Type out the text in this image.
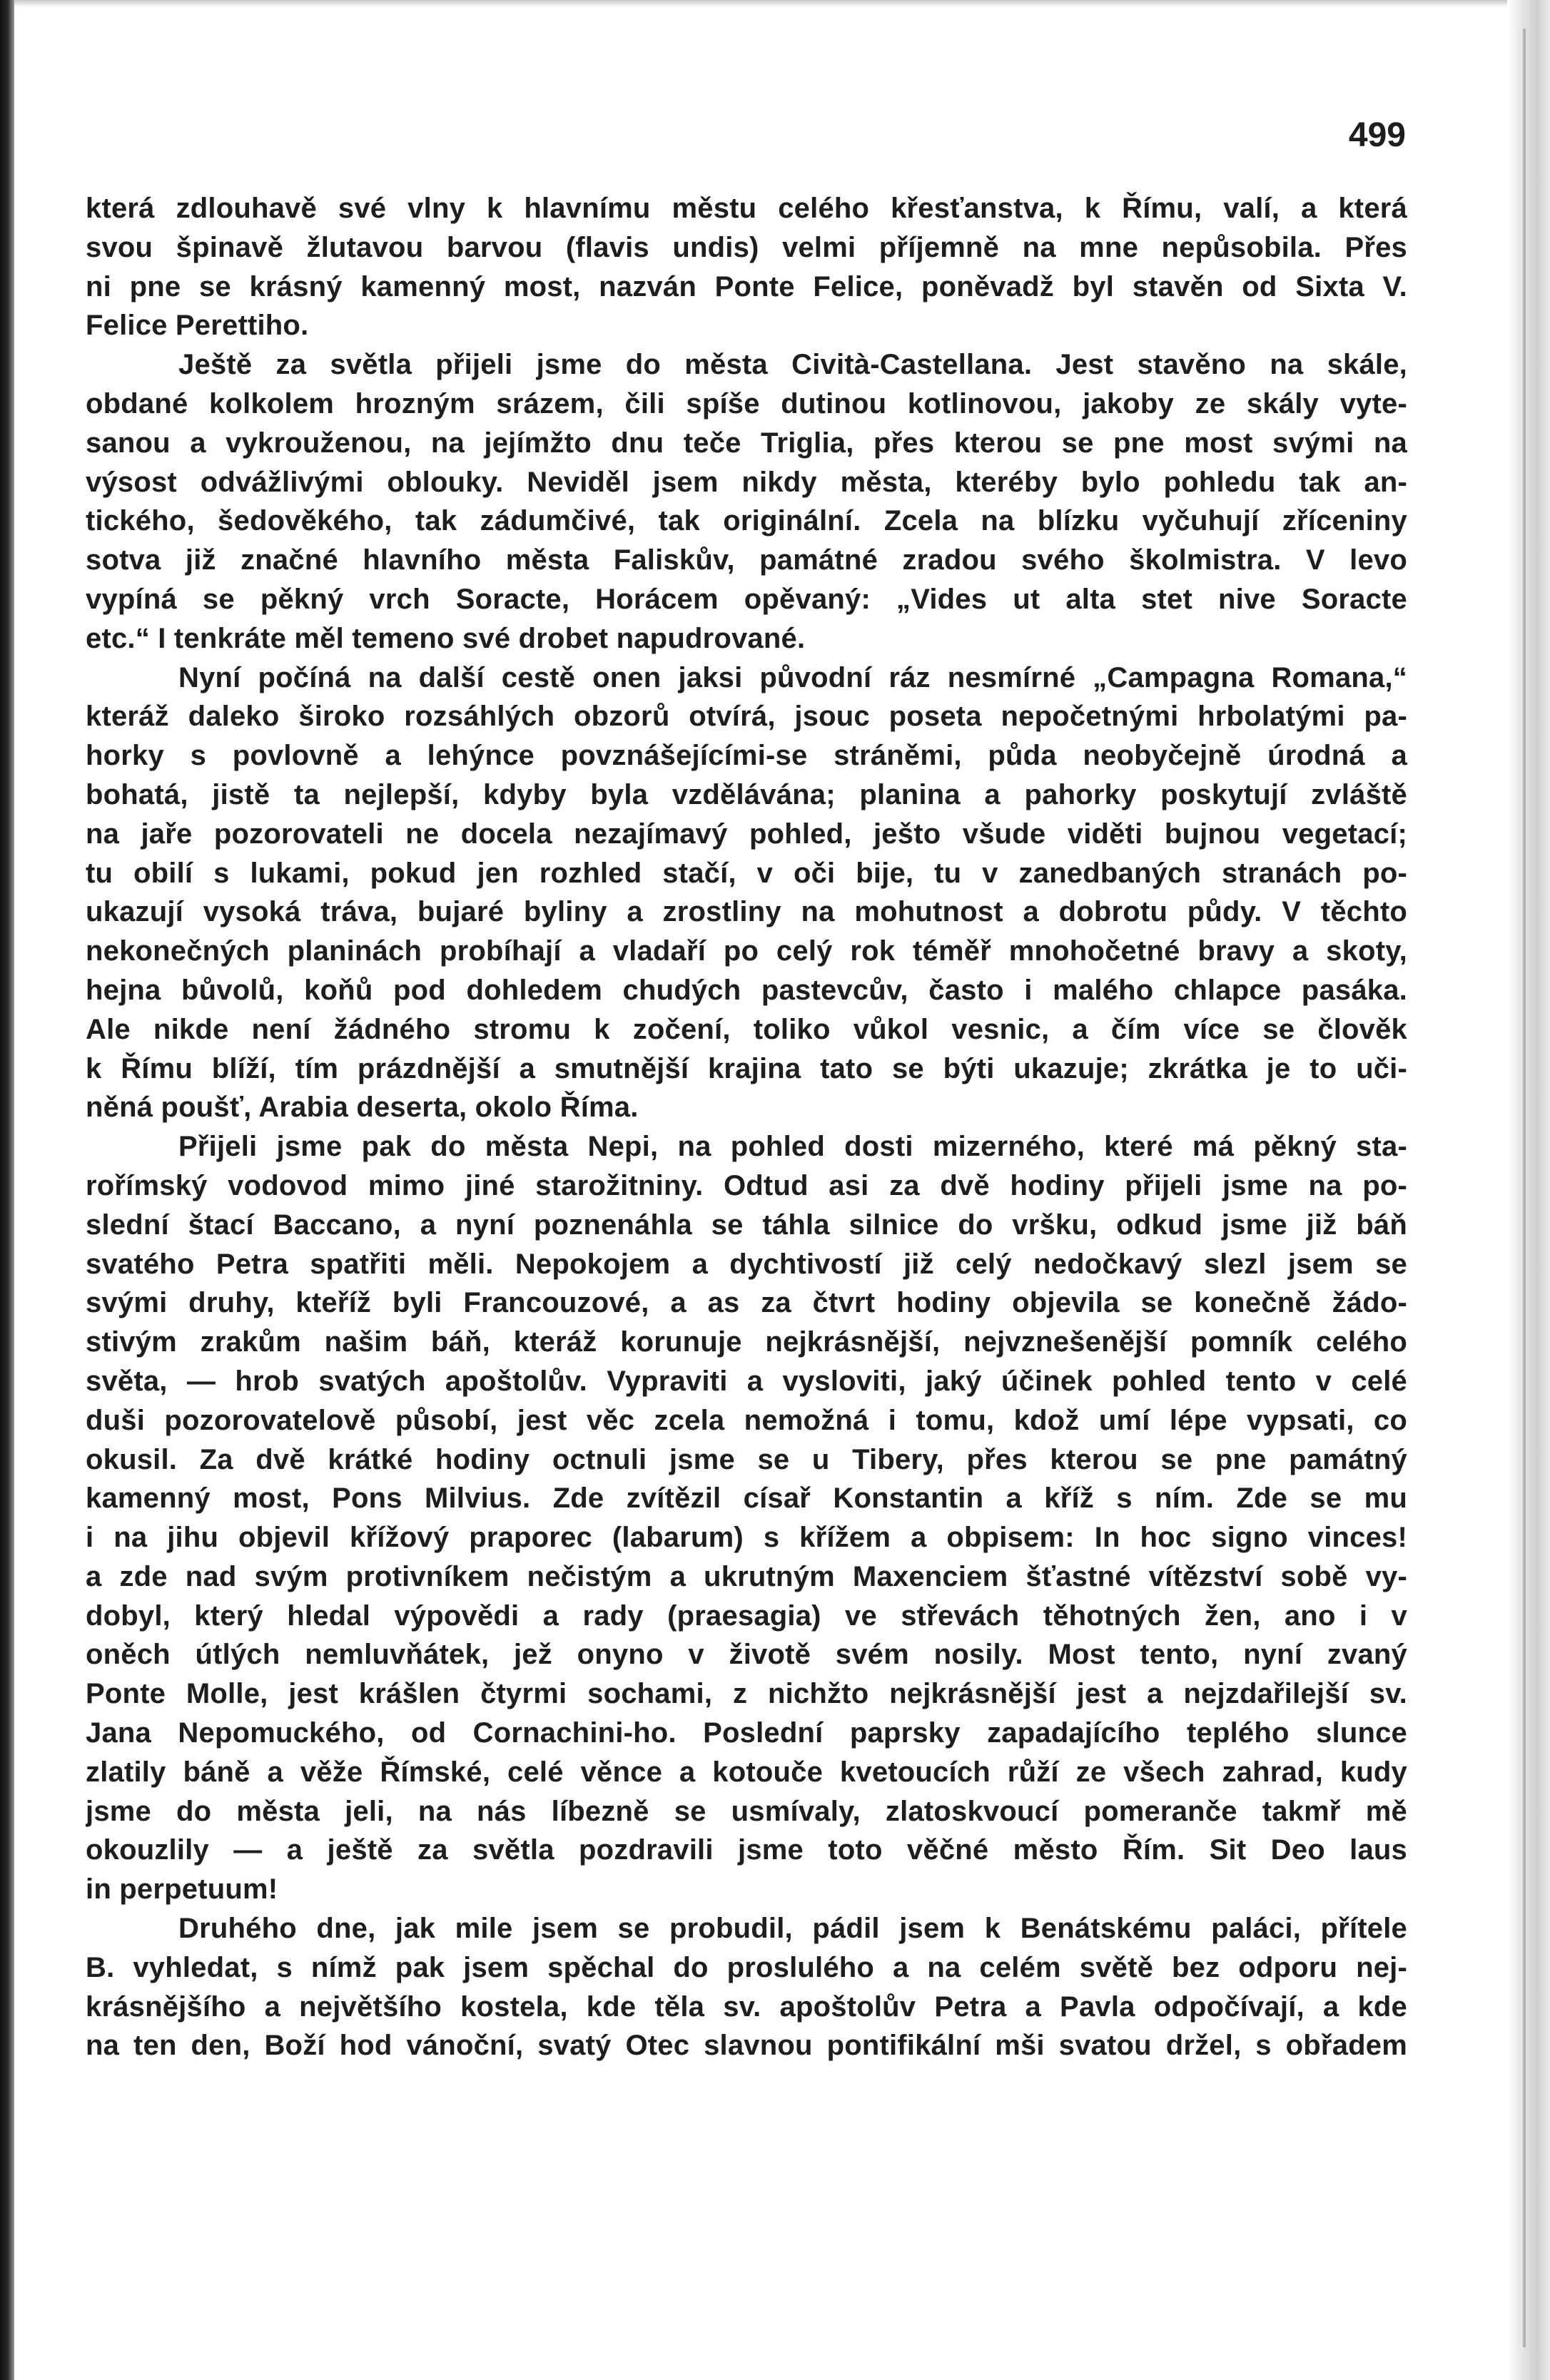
499
která zdlouhavě své vlny k hlavnímu městu celého křesťanstva, k Římu, valí, a která
svou špinavě žlutavou barvou (flavis undis) velmi příjemně na mne nepůsobila. Přes
ni pne se krásný kamenný most, nazván Ponte Felice, poněvadž byl stavěn od Sixta V.
Felice Perettiho.
Ještě za světla přijeli jsme do města Cività-Castellana. Jest stavěno na skále,
obdané kolkolem hrozným srázem, čili spíše dutinou kotlinovou, jakoby ze skály vyte-
sanou a vykrouženou, na jejímžto dnu teče Triglia, přes kterou se pne most svými na
výsost odvážlivými oblouky. Neviděl jsem nikdy města, kteréby bylo pohledu tak an-
tického, šedověkého, tak zádumčivé, tak originální. Zcela na blízku vyčuhují zříceniny
sotva již značné hlavního města Faliskův, památné zradou svého školmistra. V levo
vypíná se pěkný vrch Soracte, Horácem opěvaný: „Vides ut alta stet nive Soracte
etc.“ I tenkráte měl temeno své drobet napudrované.
Nyní počíná na další cestě onen jaksi původní ráz nesmírné „Campagna Romana,“
kteráž daleko široko rozsáhlých obzorů otvírá, jsouc poseta nepočetnými hrbolatými pa-
horky s povlovně a lehýnce povznášejícími-se stráněmi, půda neobyčejně úrodná a
bohatá, jistě ta nejlepší, kdyby byla vzdělávána; planina a pahorky poskytují zvláště
na jaře pozorovateli ne docela nezajímavý pohled, ješto všude viděti bujnou vegetací;
tu obilí s lukami, pokud jen rozhled stačí, v oči bije, tu v zanedbaných stranách po-
ukazují vysoká tráva, bujaré byliny a zrostliny na mohutnost a dobrotu půdy. V těchto
nekonečných planinách probíhají a vladaří po celý rok téměř mnohočetné bravy a skoty,
hejna bůvolů, koňů pod dohledem chudých pastevcův, často i malého chlapce pasáka.
Ale nikde není žádného stromu k zočení, toliko vůkol vesnic, a čím více se člověk
k Římu blíží, tím prázdnější a smutnější krajina tato se býti ukazuje; zkrátka je to uči-
něná poušť, Arabia deserta, okolo Říma.
Přijeli jsme pak do města Nepi, na pohled dosti mizerného, které má pěkný sta-
rořímský vodovod mimo jiné starožitniny. Odtud asi za dvě hodiny přijeli jsme na po-
slední štací Baccano, a nyní poznenáhla se táhla silnice do vršku, odkud jsme již báň
svatého Petra spatřiti měli. Nepokojem a dychtivostí již celý nedočkavý slezl jsem se
svými druhy, kteříž byli Francouzové, a as za čtvrt hodiny objevila se konečně žádo-
stivým zrakům našim báň, kteráž korunuje nejkrásnější, nejvznešenější pomník celého
světa, — hrob svatých apoštolův. Vypraviti a vysloviti, jaký účinek pohled tento v celé
duši pozorovatelově působí, jest věc zcela nemožná i tomu, kdož umí lépe vypsati, co
okusil. Za dvě krátké hodiny octnuli jsme se u Tibery, přes kterou se pne památný
kamenný most, Pons Milvius. Zde zvítězil císař Konstantin a kříž s ním. Zde se mu
i na jihu objevil křížový praporec (labarum) s křížem a obpisem: In hoc signo vinces!
a zde nad svým protivníkem nečistým a ukrutným Maxenciem šťastné vítězství sobě vy-
dobyl, který hledal výpovědi a rady (praesagia) ve střevách těhotných žen, ano i v
oněch útlých nemluvňátek, jež onyno v životě svém nosily. Most tento, nyní zvaný
Ponte Molle, jest krášlen čtyrmi sochami, z nichžto nejkrásnější jest a nejzdařilejší sv.
Jana Nepomuckého, od Cornachini-ho. Poslední paprsky zapadajícího teplého slunce
zlatily báně a věže Římské, celé věnce a kotouče kvetoucích růží ze všech zahrad, kudy
jsme do města jeli, na nás líbezně se usmívaly, zlatoskvoucí pomeranče takmř mě
okouzlily — a ještě za světla pozdravili jsme toto věčné město Řím. Sit Deo laus
in perpetuum!
Druhého dne, jak mile jsem se probudil, pádil jsem k Benátskému paláci, přítele
B. vyhledat, s nímž pak jsem spěchal do proslulého a na celém světě bez odporu nej-
krásnějšího a největšího kostela, kde těla sv. apoštolův Petra a Pavla odpočívají, a kde
na ten den, Boží hod vánoční, svatý Otec slavnou pontifikální mši svatou držel, s obřadem
